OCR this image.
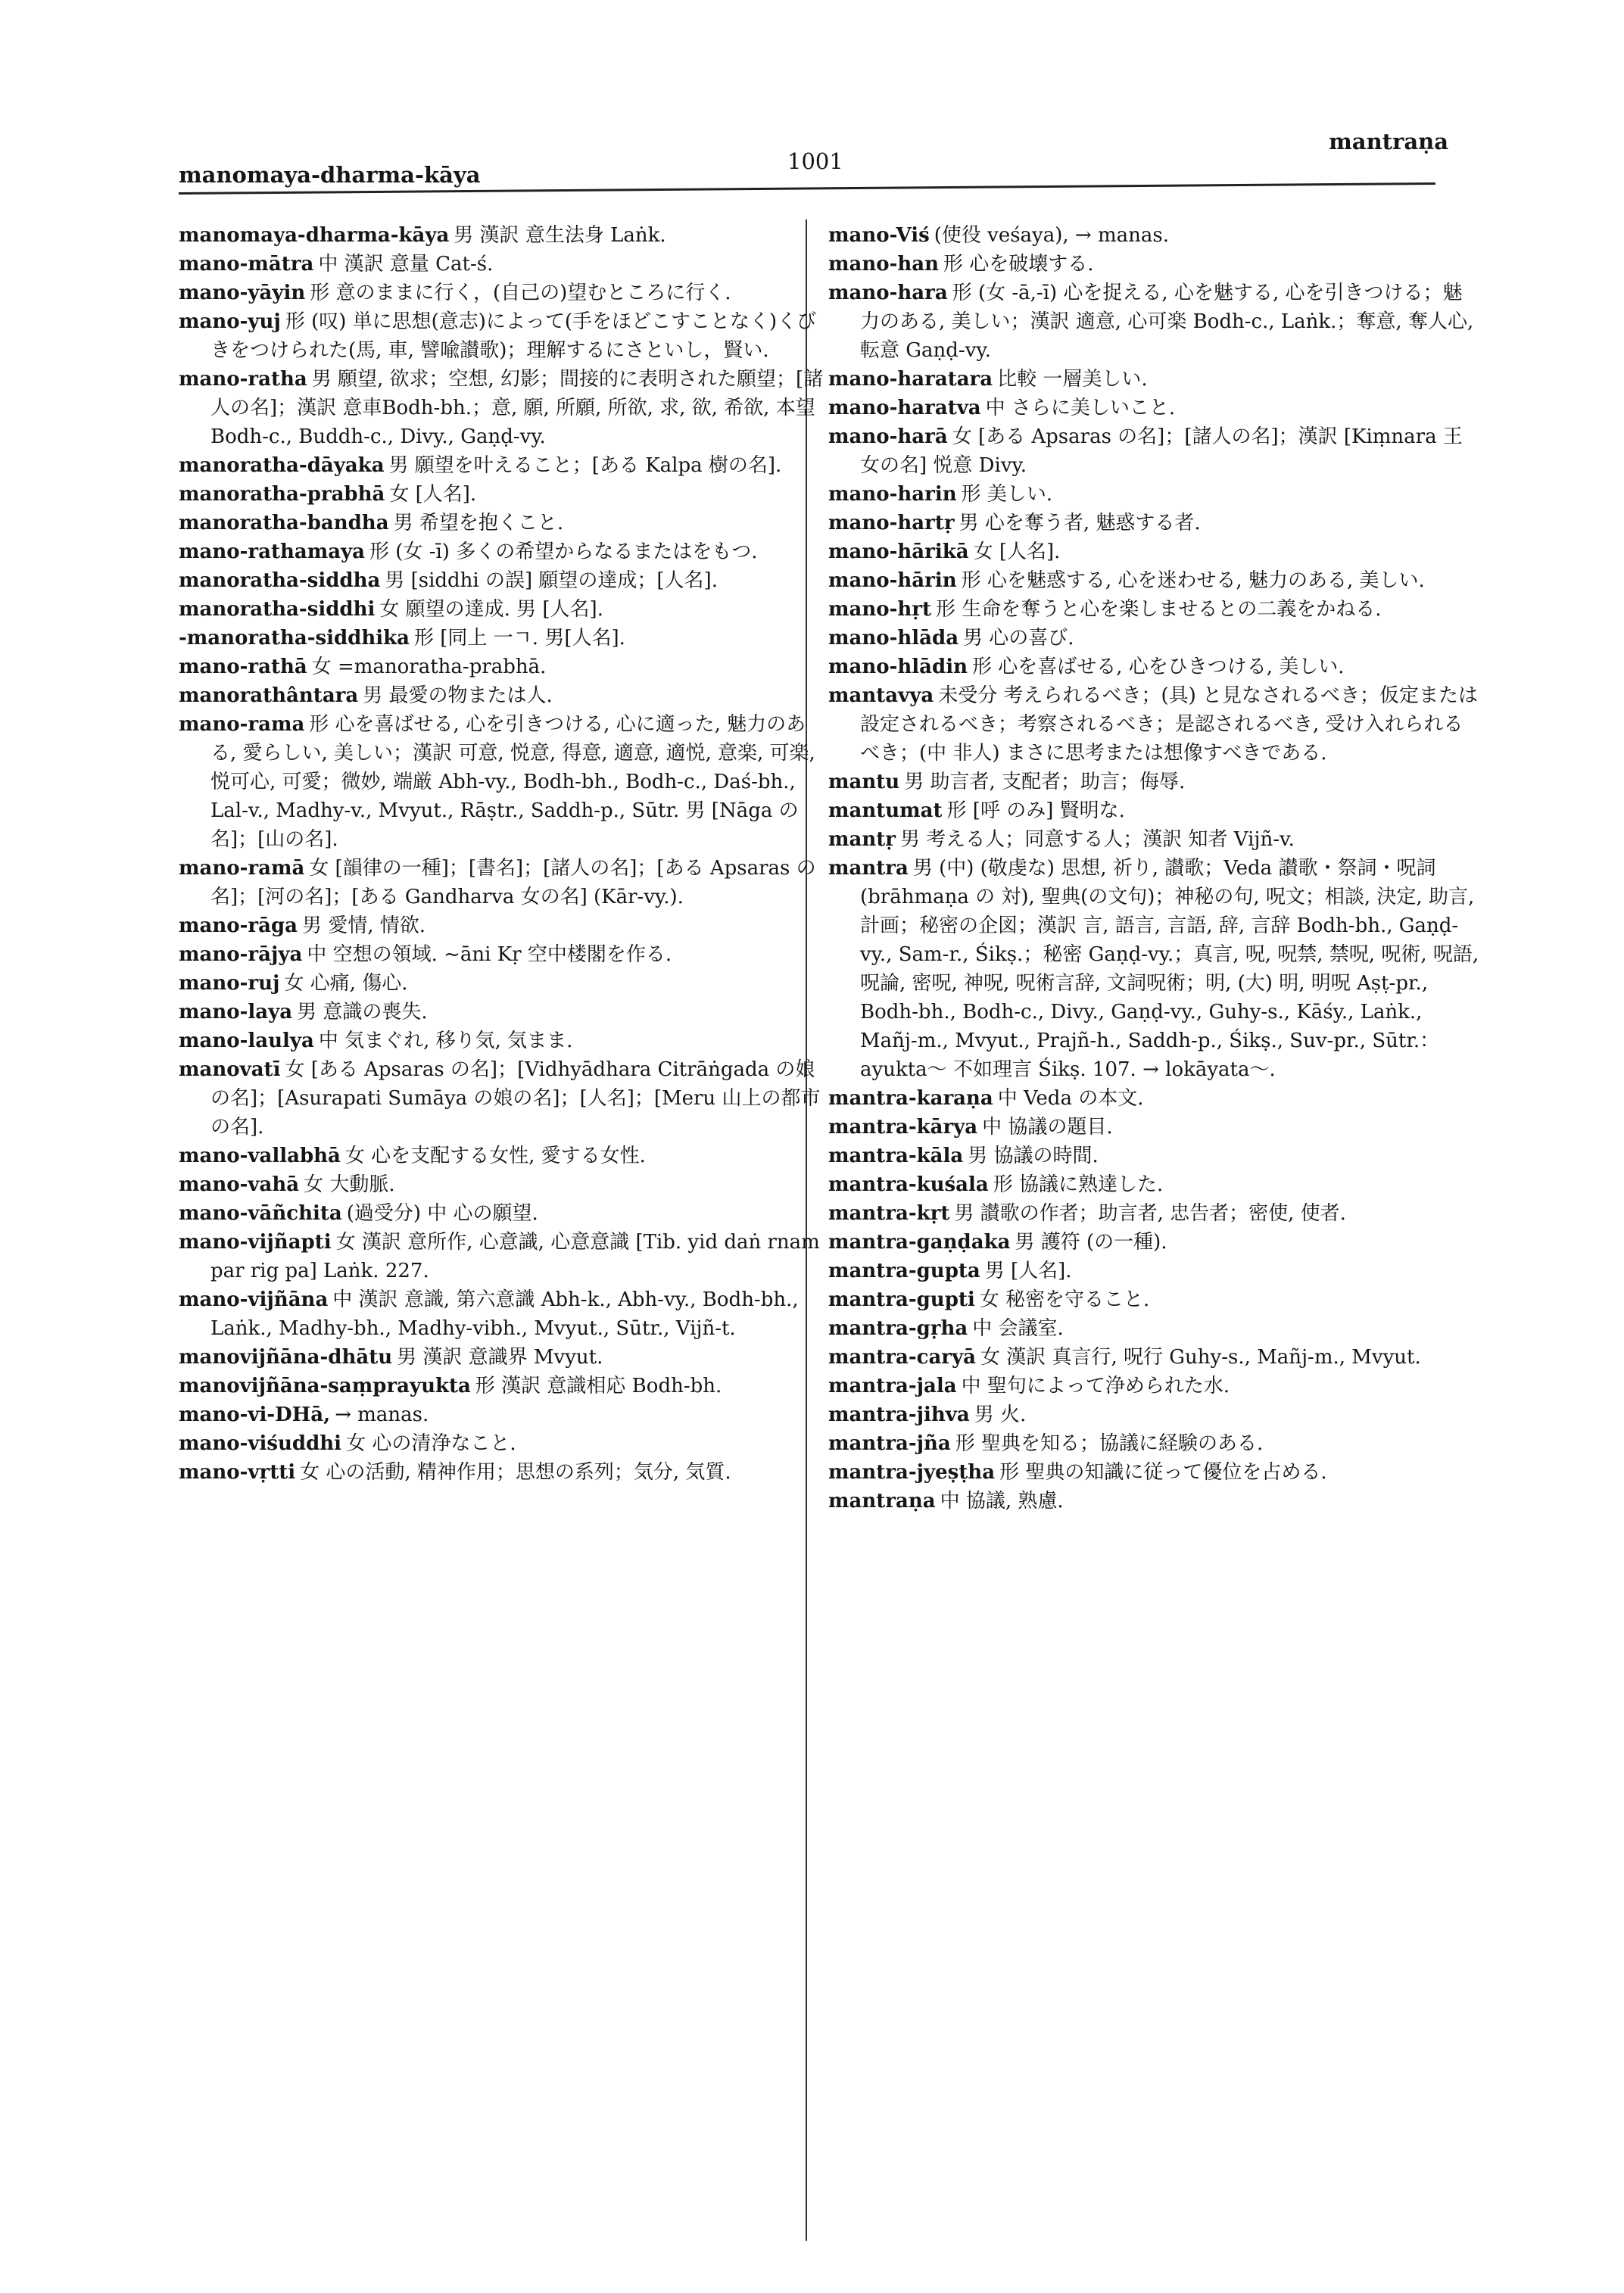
manomaya-dharma-kāya
1001
mantraṇa
manomaya-dharma-kāya 男 漢訳 意生法身 Laṅk.
mano-mātra 中 漢訳 意量 Cat-ś.
mano-yāyin 形 意のままに行く，(自己の)望むところに行く.
mano-yuj 形 (叹) 単に思想(意志)によって(手をほどこすことなく)くびきをつけられた(馬, 車, 譬喩讃歌)；理解するにさといし，賢い.
mano-ratha 男 願望, 欲求；空想, 幻影；間接的に表明された願望；[諸人の名]；漢訳 意車Bodh-bh.；意, 願, 所願, 所欲, 求, 欲, 希欲, 本望 Bodh-c., Buddh-c., Divy., Gaṇḍ-vy.
manoratha-dāyaka 男 願望を叶えること；[ある Kalpa 樹の名].
manoratha-prabhā 女 [人名].
manoratha-bandha 男 希望を抱くこと.
mano-rathamaya 形 (女 -ī) 多くの希望からなるまたはをもつ.
manoratha-siddha 男 [siddhi の誤] 願望の達成；[人名].
manoratha-siddhi 女 願望の達成. 男 [人名].
-manoratha-siddhika 形 [同上 一ㄱ. 男[人名].
mano-rathā 女 =manoratha-prabhā.
manorathântara 男 最愛の物または人.
mano-rama 形 心を喜ばせる, 心を引きつける, 心に適った, 魅力のある, 愛らしい, 美しい；漢訳 可意, 悦意, 得意, 適意, 適悦, 意楽, 可楽, 悦可心, 可愛；微妙, 端厳 Abh-vy., Bodh-bh., Bodh-c., Daś-bh., Lal-v., Madhy-v., Mvyut., Rāṣtr., Saddh-p., Sūtr. 男 [Nāga の名]；[山の名].
mano-ramā 女 [韻律の一種]；[書名]；[諸人の名]；[ある Apsaras の名]；[河の名]；[ある Gandharva 女の名] (Kār-vy.).
mano-rāga 男 愛情, 情欲.
mano-rājya 中 空想の領域. ~āni Kṛ 空中楼閣を作る.
mano-ruj 女 心痛, 傷心.
mano-laya 男 意識の喪失.
mano-laulya 中 気まぐれ, 移り気, 気まま.
manovatī 女 [ある Apsaras の名]；[Vidhyādhara Citrāṅgada の娘の名]；[Asurapati Sumāya の娘の名]；[人名]；[Meru 山上の都市の名].
mano-vallabhā 女 心を支配する女性, 愛する女性.
mano-vahā 女 大動脈.
mano-vāñchita (過受分) 中 心の願望.
mano-vijñapti 女 漢訳 意所作, 心意識, 心意意識 [Tib. yid daṅ rnam par rig pa] Laṅk. 227.
mano-vijñāna 中 漢訳 意識, 第六意識 Abh-k., Abh-vy., Bodh-bh., Laṅk., Madhy-bh., Madhy-vibh., Mvyut., Sūtr., Vijñ-t.
manovijñāna-dhātu 男 漢訳 意識界 Mvyut.
manovijñāna-saṃprayukta 形 漢訳 意識相応 Bodh-bh.
mano-vi-DHā, → manas.
mano-viśuddhi 女 心の清浄なこと.
mano-vṛtti 女 心の活動, 精神作用；思想の系列；気分, 気質.
mano-Viś (使役 veśaya), → manas.
mano-han 形 心を破壊する.
mano-hara 形 (女 -ā,-ī) 心を捉える, 心を魅する, 心を引きつける；魅力のある, 美しい；漢訳 適意, 心可楽 Bodh-c., Laṅk.；奪意, 奪人心, 転意 Gaṇḍ-vy.
mano-haratara 比較 一層美しい.
mano-haratva 中 さらに美しいこと.
mano-harā 女 [ある Apsaras の名]；[諸人の名]；漢訳 [Kiṃnara 王女の名] 悦意 Divy.
mano-harin 形 美しい.
mano-hartṛ 男 心を奪う者, 魅惑する者.
mano-hārikā 女 [人名].
mano-hārin 形 心を魅惑する, 心を迷わせる, 魅力のある, 美しい.
mano-hṛt 形 生命を奪うと心を楽しませるとの二義をかねる.
mano-hlāda 男 心の喜び.
mano-hlādin 形 心を喜ばせる, 心をひきつける, 美しい.
mantavya 未受分 考えられるべき；(具) と見なされるべき；仮定または設定されるべき；考察されるべき；是認されるべき, 受け入れられるべき；(中 非人) まさに思考または想像すべきである.
mantu 男 助言者, 支配者；助言；侮辱.
mantumat 形 [呼 のみ] 賢明な.
mantṛ 男 考える人；同意する人；漢訳 知者 Vijñ-v.
mantra 男 (中) (敬虔な) 思想, 祈り, 讃歌；Veda 讃歌・祭詞・呪詞 (brāhmaṇa の 対), 聖典(の文句)；神秘の句, 呪文；相談, 決定, 助言, 計画；秘密の企図；漢訳 言, 語言, 言語, 辞, 言辞 Bodh-bh., Gaṇḍ-vy., Sam-r., Śikṣ.；秘密 Gaṇḍ-vy.；真言, 呪, 呪禁, 禁呪, 呪術, 呪語, 呪論, 密呪, 神呪, 呪術言辞, 文詞呪術；明, (大) 明, 明呪 Aṣṭ-pr., Bodh-bh., Bodh-c., Divy., Gaṇḍ-vy., Guhy-s., Kāśy., Laṅk., Mañj-m., Mvyut., Prajñ-h., Saddh-p., Śikṣ., Suv-pr., Sūtr.：ayukta～ 不如理言 Śikṣ. 107. → lokāyata～.
mantra-karaṇa 中 Veda の本文.
mantra-kārya 中 協議の題目.
mantra-kāla 男 協議の時間.
mantra-kuśala 形 協議に熟達した.
mantra-kṛt 男 讃歌の作者；助言者, 忠告者；密使, 使者.
mantra-gaṇḍaka 男 護符 (の一種).
mantra-gupta 男 [人名].
mantra-gupti 女 秘密を守ること.
mantra-gṛha 中 会議室.
mantra-caryā 女 漢訳 真言行, 呪行 Guhy-s., Mañj-m., Mvyut.
mantra-jala 中 聖句によって浄められた水.
mantra-jihva 男 火.
mantra-jña 形 聖典を知る；協議に経験のある.
mantra-jyeṣṭha 形 聖典の知識に従って優位を占める.
mantraṇa 中 協議, 熟慮.
